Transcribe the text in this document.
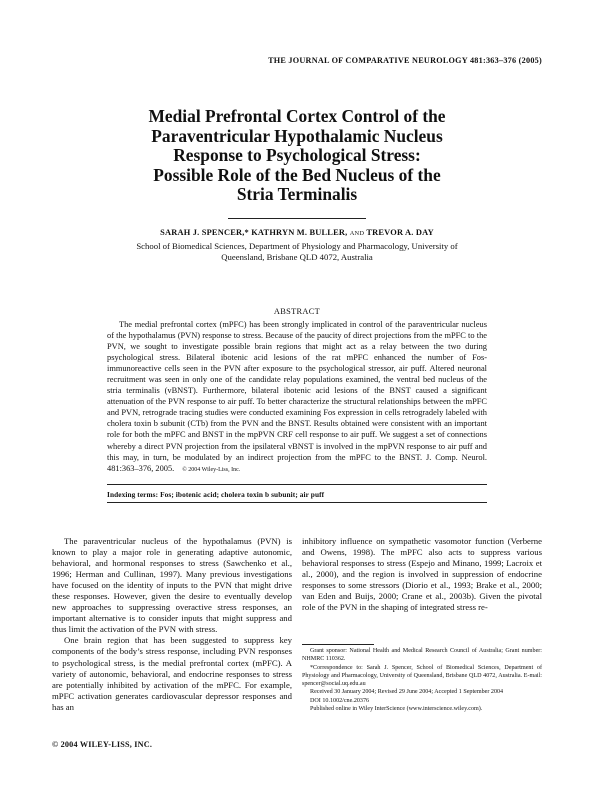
THE JOURNAL OF COMPARATIVE NEUROLOGY 481:363–376 (2005)
Medial Prefrontal Cortex Control of the
Paraventricular Hypothalamic Nucleus
Response to Psychological Stress:
Possible Role of the Bed Nucleus of the
Stria Terminalis
SARAH J. SPENCER,* KATHRYN M. BULLER, AND TREVOR A. DAY
School of Biomedical Sciences, Department of Physiology and Pharmacology, University of
Queensland, Brisbane QLD 4072, Australia
ABSTRACT
The medial prefrontal cortex (mPFC) has been strongly implicated in control of the paraventricular nucleus of the hypothalamus (PVN) response to stress. Because of the paucity of direct projections from the mPFC to the PVN, we sought to investigate possible brain regions that might act as a relay between the two during psychological stress. Bilateral ibotenic acid lesions of the rat mPFC enhanced the number of Fos-immunoreactive cells seen in the PVN after exposure to the psychological stressor, air puff. Altered neuronal recruitment was seen in only one of the candidate relay populations examined, the ventral bed nucleus of the stria terminalis (vBNST). Furthermore, bilateral ibotenic acid lesions of the BNST caused a significant attenuation of the PVN response to air puff. To better characterize the structural relationships between the mPFC and PVN, retrograde tracing studies were conducted examining Fos expression in cells retrogradely labeled with cholera toxin b subunit (CTb) from the PVN and the BNST. Results obtained were consistent with an important role for both the mPFC and BNST in the mpPVN CRF cell response to air puff. We suggest a set of connections whereby a direct PVN projection from the ipsilateral vBNST is involved in the mpPVN response to air puff and this may, in turn, be modulated by an indirect projection from the mPFC to the BNST. J. Comp. Neurol. 481:363–376, 2005. © 2004 Wiley-Liss, Inc.
Indexing terms: Fos; ibotenic acid; cholera toxin b subunit; air puff

The paraventricular nucleus of the hypothalamus (PVN) is known to play a major role in generating adaptive autonomic, behavioral, and hormonal responses to stress (Sawchenko et al., 1996; Herman and Cullinan, 1997). Many previous investigations have focused on the identity of inputs to the PVN that might drive these responses. However, given the desire to eventually develop new approaches to suppressing overactive stress responses, an important alternative is to consider inputs that might suppress and thus limit the activation of the PVN with stress.

One brain region that has been suggested to suppress key components of the body’s stress response, including PVN responses to psychological stress, is the medial prefrontal cortex (mPFC). A variety of autonomic, behavioral, and endocrine responses to stress are potentially inhibited by activation of the mPFC. For example, mPFC activation generates cardiovascular depressor responses and has an

inhibitory influence on sympathetic vasomotor function (Verberne and Owens, 1998). The mPFC also acts to suppress various behavioral responses to stress (Espejo and Minano, 1999; Lacroix et al., 2000), and the region is involved in suppression of endocrine responses to some stressors (Diorio et al., 1993; Brake et al., 2000; van Eden and Buijs, 2000; Crane et al., 2003b). Given the pivotal role of the PVN in the shaping of integrated stress re-

Grant sponsor: National Health and Medical Research Council of Australia; Grant number: NHMRC 110362.

*Correspondence to: Sarah J. Spencer, School of Biomedical Sciences, Department of Physiology and Pharmacology, University of Queensland, Brisbane QLD 4072, Australia. E-mail: spencer@social.uq.edu.au

Received 30 January 2004; Revised 29 June 2004; Accepted 1 September 2004

DOI 10.1002/cne.20376

Published online in Wiley InterScience (www.interscience.wiley.com).

© 2004 WILEY-LISS, INC.
